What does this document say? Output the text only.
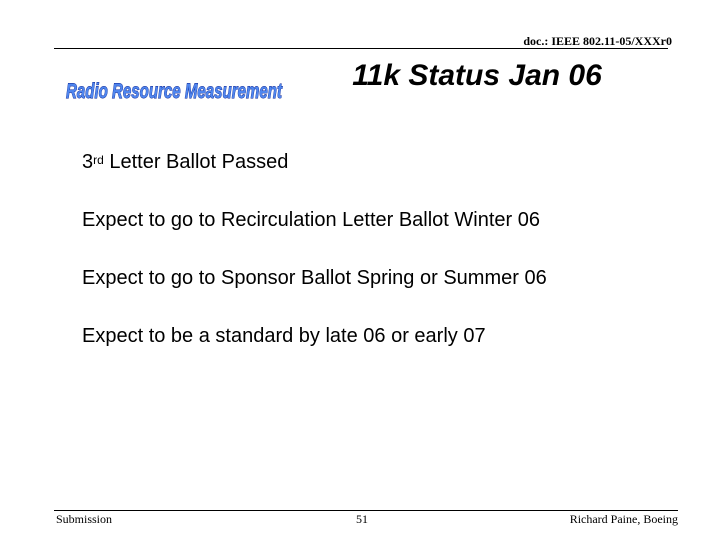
doc.: IEEE 802.11-05/XXXr0
Radio Resource Measurement	11k Status Jan 06
3rd Letter Ballot Passed
Expect to go to Recirculation Letter Ballot Winter 06
Expect to go to Sponsor Ballot Spring or Summer 06
Expect to be a standard by late 06 or early 07
Submission	51	Richard Paine, Boeing
